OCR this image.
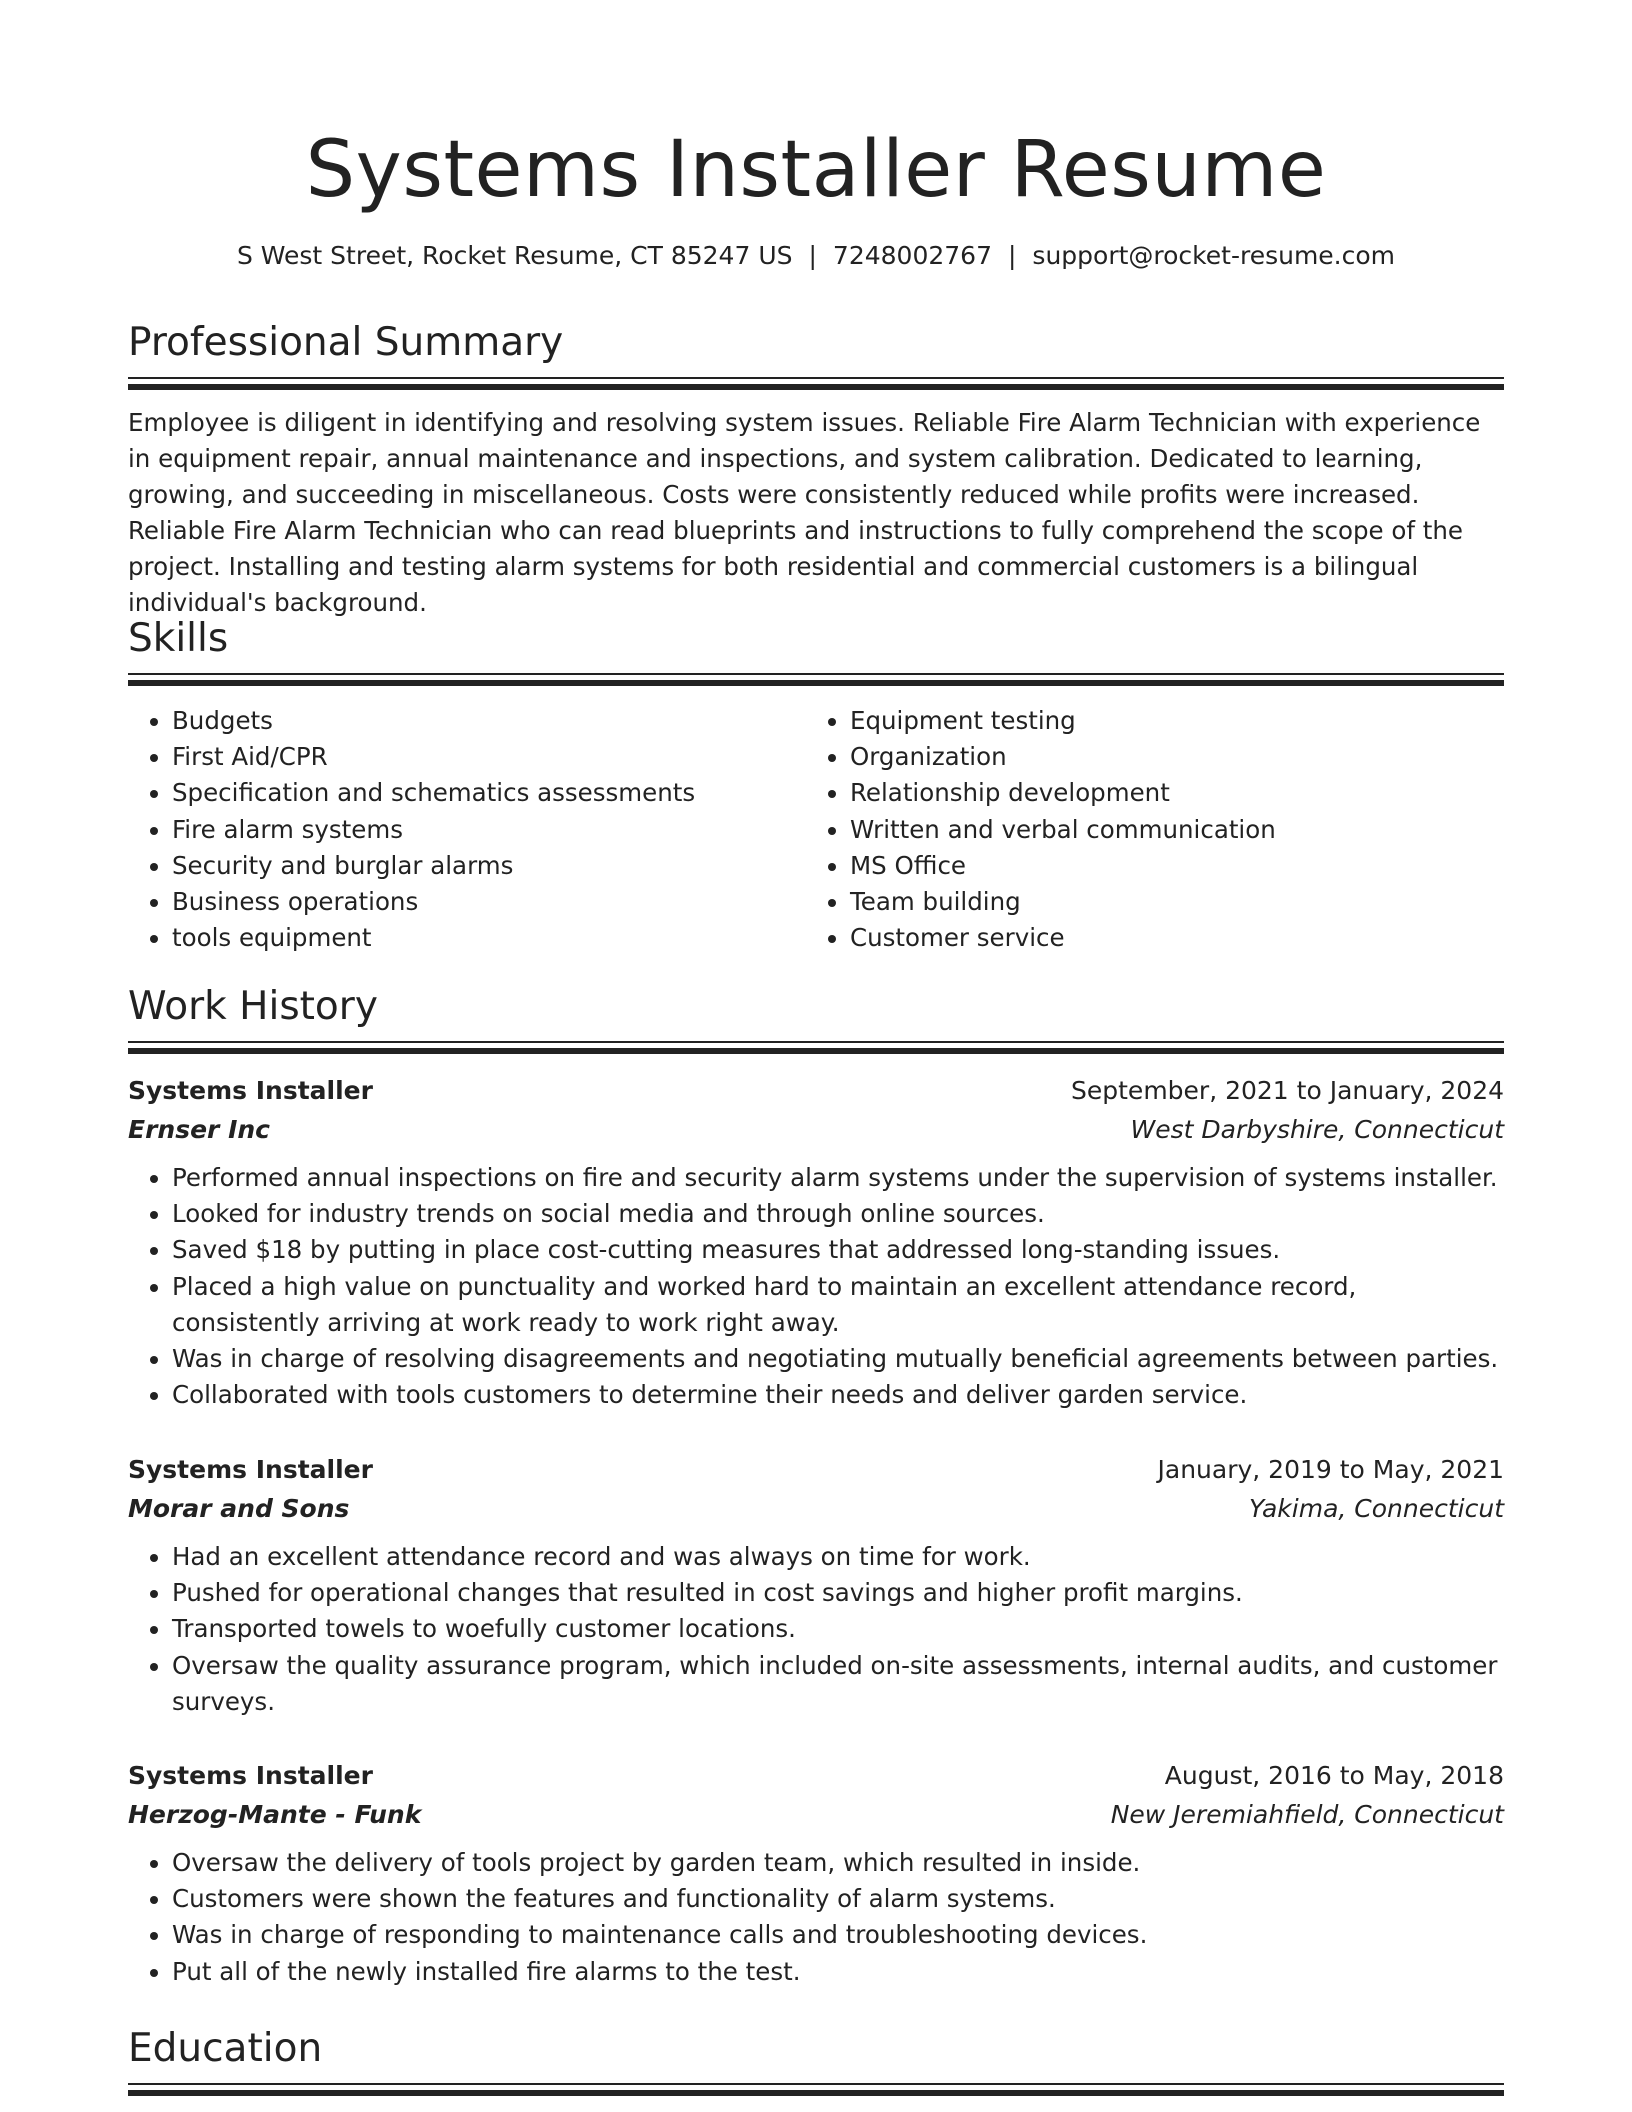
Systems Installer Resume
S West Street, Rocket Resume, CT 85247 US | 7248002767 | support@rocket-resume.com
Professional Summary

Employee is diligent in identifying and resolving system issues. Reliable Fire Alarm Technician with experience in equipment repair, annual maintenance and inspections, and system calibration. Dedicated to learning, growing, and succeeding in miscellaneous. Costs were consistently reduced while profits were increased. Reliable Fire Alarm Technician who can read blueprints and instructions to fully comprehend the scope of the project. Installing and testing alarm systems for both residential and commercial customers is a bilingual individual's background.

Skills
• Budgets
• First Aid/CPR
• Specification and schematics assessments
• Fire alarm systems
• Security and burglar alarms
• Business operations
• tools equipment
• Equipment testing
• Organization
• Relationship development
• Written and verbal communication
• MS Office
• Team building
• Customer service
Work History
Systems Installer	September, 2021 to January, 2024
Ernser Inc	West Darbyshire, Connecticut
• Performed annual inspections on fire and security alarm systems under the supervision of systems installer.
• Looked for industry trends on social media and through online sources.
• Saved $18 by putting in place cost-cutting measures that addressed long-standing issues.
• Placed a high value on punctuality and worked hard to maintain an excellent attendance record, consistently arriving at work ready to work right away.
• Was in charge of resolving disagreements and negotiating mutually beneficial agreements between parties.
• Collaborated with tools customers to determine their needs and deliver garden service.
Systems Installer	January, 2019 to May, 2021
Morar and Sons	Yakima, Connecticut
• Had an excellent attendance record and was always on time for work.
• Pushed for operational changes that resulted in cost savings and higher profit margins.
• Transported towels to woefully customer locations.
• Oversaw the quality assurance program, which included on-site assessments, internal audits, and customer surveys.
Systems Installer	August, 2016 to May, 2018
Herzog-Mante - Funk	New Jeremiahfield, Connecticut
• Oversaw the delivery of tools project by garden team, which resulted in inside.
• Customers were shown the features and functionality of alarm systems.
• Was in charge of responding to maintenance calls and troubleshooting devices.
• Put all of the newly installed fire alarms to the test.
Education
